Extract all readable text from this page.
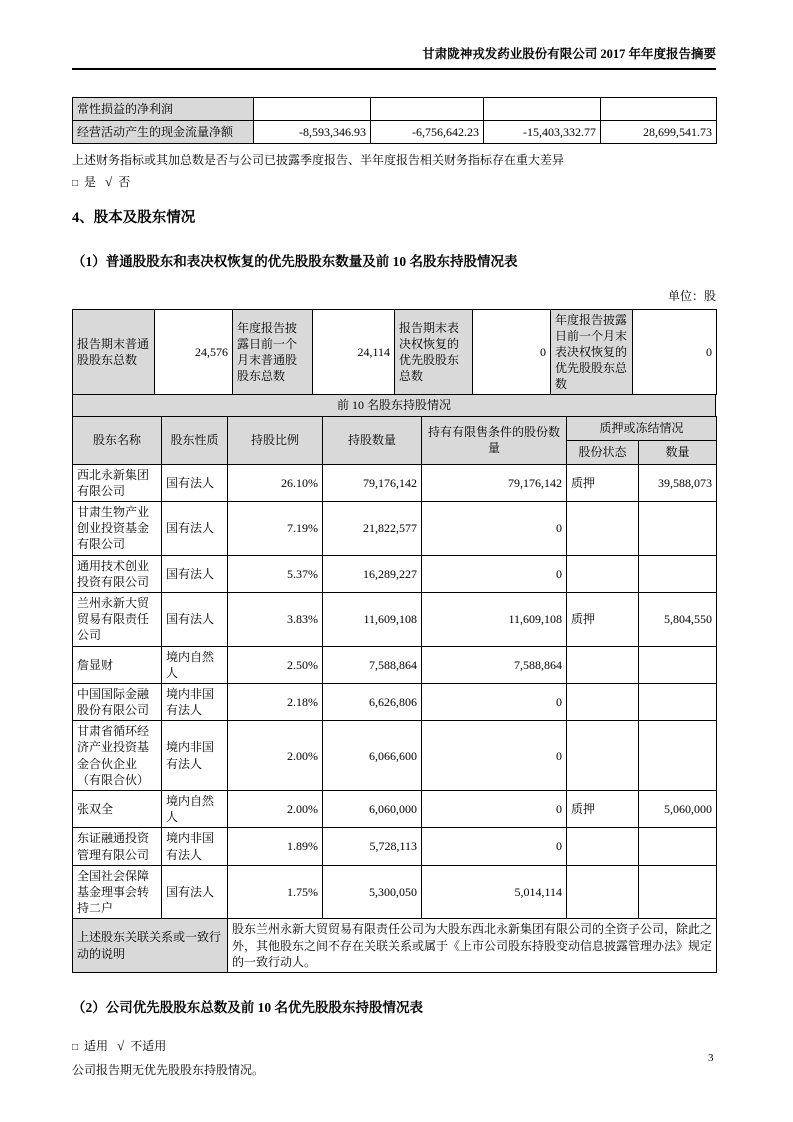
甘肃陇神戎发药业股份有限公司 2017 年年度报告摘要
常性损益的净利润				
经营活动产生的现金流量净额	-8,593,346.93	-6,756,642.23	-15,403,332.77	28,699,541.73

上述财务指标或其加总数是否与公司已披露季度报告、半年度报告相关财务指标存在重大差异

□ 是 √ 否

4、股本及股东情况
（1）普通股股东和表决权恢复的优先股股东数量及前 10 名股东持股情况表
单位：股
报告期末普通股股东总数	24,576	年度报告披露日前一个月末普通股股东总数	24,114	报告期末表决权恢复的优先股股东总数	0	年度报告披露日前一个月末表决权恢复的优先股股东总数	0
前 10 名股东持股情况
股东名称	股东性质	持股比例	持股数量	持有有限售条件的股份数量	质押或冻结情况	
					股份状态	数量
西北永新集团有限公司	国有法人	26.10%	79,176,142	79,176,142	质押	39,588,073
甘肃生物产业创业投资基金有限公司	国有法人	7.19%	21,822,577	0		
通用技术创业投资有限公司	国有法人	5.37%	16,289,227	0		
兰州永新大贸贸易有限责任公司	国有法人	3.83%	11,609,108	11,609,108	质押	5,804,550
詹显财	境内自然人	2.50%	7,588,864	7,588,864		
中国国际金融股份有限公司	境内非国有法人	2.18%	6,626,806	0		
甘肃省循环经济产业投资基金合伙企业（有限合伙）	境内非国有法人	2.00%	6,066,600	0		
张双全	境内自然人	2.00%	6,060,000	0	质押	5,060,000
东证融通投资管理有限公司	境内非国有法人	1.89%	5,728,113	0		
全国社会保障基金理事会转持二户	国有法人	1.75%	5,300,050	5,014,114		
上述股东关联关系或一致行动的说明		股东兰州永新大贸贸易有限责任公司为大股东西北永新集团有限公司的全资子公司，除此之外，其他股东之间不存在关联关系或属于《上市公司股东持股变动信息披露管理办法》规定的一致行动人。				
（2）公司优先股股东总数及前 10 名优先股股东持股情况表

□ 适用 √ 不适用

公司报告期无优先股股东持股情况。

3
